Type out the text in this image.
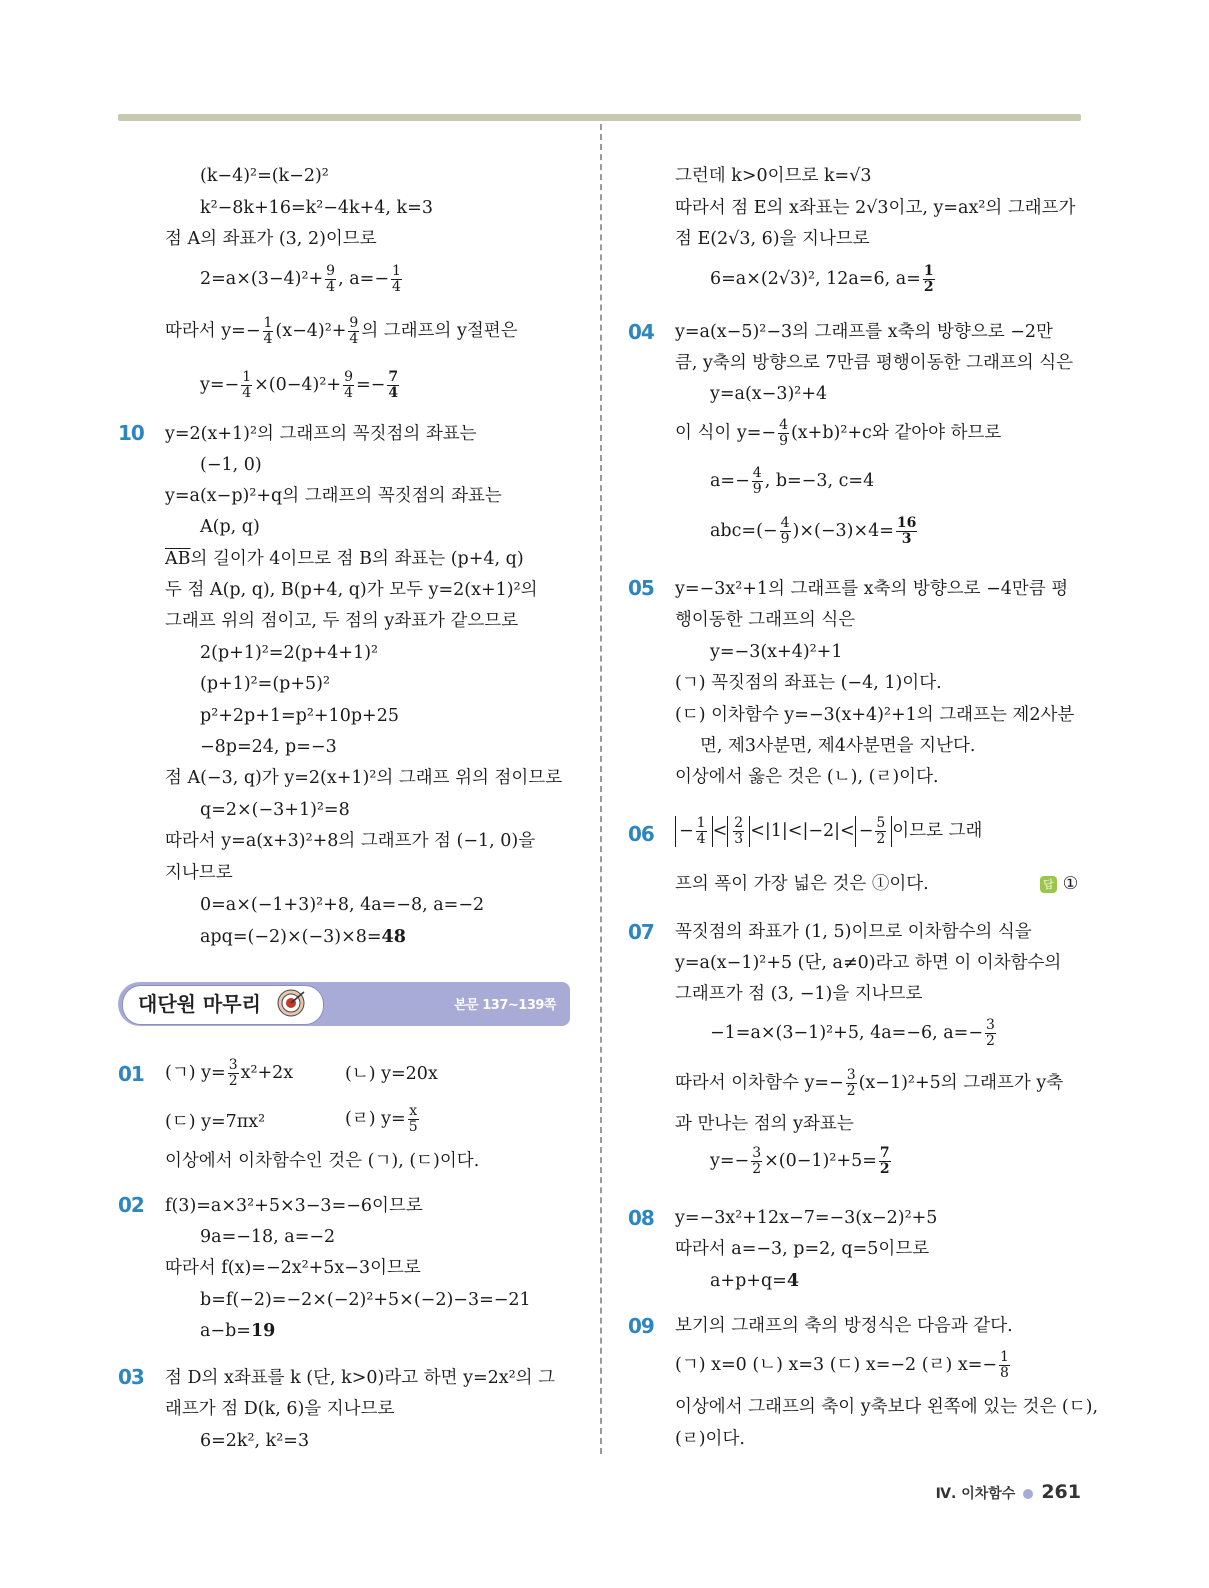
(k−4)²=(k−2)²
k²−8k+16=k²−4k+4, k=3
점 A의 좌표가 (3, 2)이므로
$2=a\times(3-4)^2+ \frac{9}{4}$ , $a=- \frac{1}{4}$
따라서 $y=- \frac{1}{4} (x-4)^2+ \frac{9}{4}$ 의 그래프의 y절편은
$y=- \frac{1}{4} \times(0-4)^2+ \frac{9}{4} =- \frac{7}{4}$
10 y=2(x+1)²의 그래프의 꼭짓점의 좌표는
(−1, 0)
y=a(x−p)²+q의 그래프의 꼭짓점의 좌표는
A(p, q)
$\overline{AB}$의 길이가 4이므로 점 B의 좌표는 (p+4, q)
두 점 A(p, q), B(p+4, q)가 모두 y=2(x+1)²의
그래프 위의 점이고, 두 점의 y좌표가 같으므로
2(p+1)²=2(p+4+1)²
(p+1)²=(p+5)²
p²+2p+1=p²+10p+25
−8p=24, p=−3
점 A(−3, q)가 y=2(x+1)²의 그래프 위의 점이므로
q=2×(−3+1)²=8
따라서 y=a(x+3)²+8의 그래프가 점 (−1, 0)을
지나므로
0=a×(−1+3)²+8, 4a=−8, a=−2
apq=(−2)×(−3)×8=48
대단원 마무리	본문 137~139쪽
01 (ㄱ) $y= \frac{3}{2} x^2+2x$	(ㄴ) y=20x
(ㄷ) y=7πx²	(ㄹ) $y= \frac{x}{5}$
이상에서 이차함수인 것은 (ㄱ), (ㄷ)이다.
02 f(3)=a×3²+5×3−3=−6이므로
9a=−18, a=−2
따라서 f(x)=−2x²+5x−3이므로
b=f(−2)=−2×(−2)²+5×(−2)−3=−21
a−b=19
03 점 D의 x좌표를 k (단, k>0)라고 하면 y=2x²의 그
래프가 점 D(k, 6)을 지나므로
6=2k², k²=3
그런데 k>0이므로 k=√3
따라서 점 E의 x좌표는 2√3이고, y=ax²의 그래프가
점 E(2√3, 6)을 지나므로
6=a×(2√3)², 12a=6, $a= \frac{1}{2}$
04 y=a(x−5)²−3의 그래프를 x축의 방향으로 −2만
큼, y축의 방향으로 7만큼 평행이동한 그래프의 식은
y=a(x−3)²+4
이 식이 $y=- \frac{4}{9} (x+b)^2+c$와 같아야 하므로
$a=- \frac{4}{9}$ , b=−3, c=4
$abc=(- \frac{4}{9} )\times(-3)\times 4= \frac{16}{3}$
05 y=−3x²+1의 그래프를 x축의 방향으로 −4만큼 평
행이동한 그래프의 식은
y=−3(x+4)²+1
(ㄱ) 꼭짓점의 좌표는 (−4, 1)이다.
(ㄷ) 이차함수 y=−3(x+4)²+1의 그래프는 제2사분
면, 제3사분면, 제4사분면을 지난다.
이상에서 옳은 것은 (ㄴ), (ㄹ)이다.
$06 - \frac{1}{4} < \frac{2}{3} <|1|<|-2|< - \frac{5}{2}$ 이므로 그래
프의 폭이 가장 넓은 것은 ①이다.	답 ①
07 꼭짓점의 좌표가 (1, 5)이므로 이차함수의 식을
y=a(x−1)²+5 (단, a≠0)라고 하면 이 이차함수의
그래프가 점 (3, −1)을 지나므로
−1=a×(3−1)²+5, 4a=−6, $a=- \frac{3}{2}$
따라서 이차함수 $y=- \frac{3}{2} (x-1)^2+5$의 그래프가 y축
과 만나는 점의 y좌표는
$y=- \frac{3}{2} \times(0-1)^2+5= \frac{7}{2}$
08 y=−3x²+12x−7=−3(x−2)²+5
따라서 a=−3, p=2, q=5이므로
a+p+q=4
09 보기의 그래프의 축의 방정식은 다음과 같다.
(ㄱ) x=0 (ㄴ) x=3 (ㄷ) x=−2 (ㄹ) $x=- \frac{1}{8}$
이상에서 그래프의 축이 y축보다 왼쪽에 있는 것은 (ㄷ),
(ㄹ)이다.
Ⅳ. 이차함수 261
